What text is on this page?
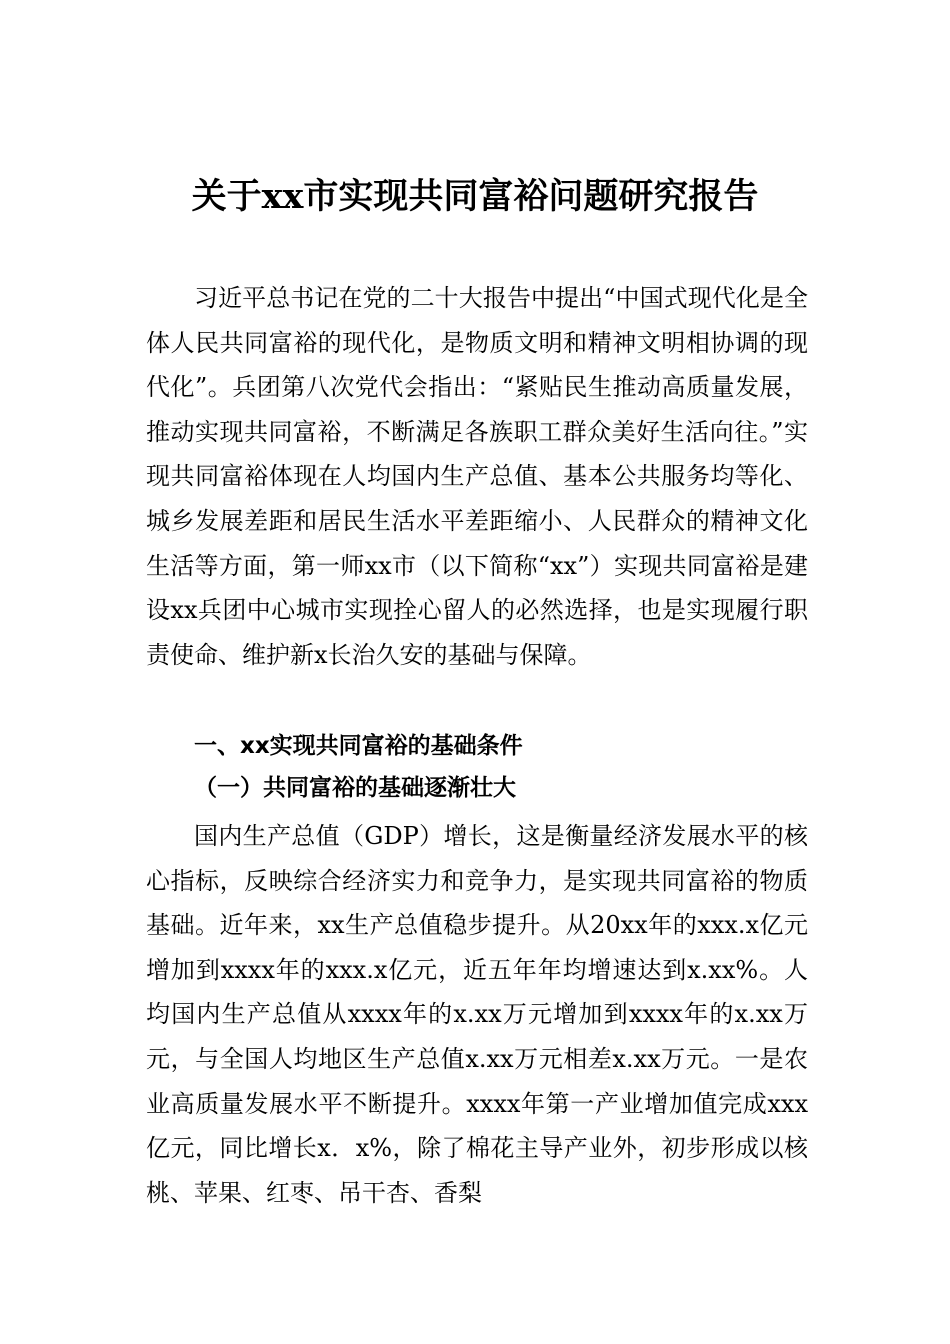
关于xx市实现共同富裕问题研究报告

习近平总书记在党的二十大报告中提出“中国式现代化是全体人民共同富裕的现代化，是物质文明和精神文明相协调的现代化”。兵团第八次党代会指出：“紧贴民生推动高质量发展，推动实现共同富裕，不断满足各族职工群众美好生活向往。”实现共同富裕体现在人均国内生产总值、基本公共服务均等化、城乡发展差距和居民生活水平差距缩小、人民群众的精神文化生活等方面，第一师xx市（以下简称“xx”）实现共同富裕是建设xx兵团中心城市实现拴心留人的必然选择，也是实现履行职责使命、维护新x长治久安的基础与保障。

一、xx实现共同富裕的基础条件
（一）共同富裕的基础逐渐壮大

国内生产总值（GDP）增长，这是衡量经济发展水平的核心指标，反映综合经济实力和竞争力，是实现共同富裕的物质基础。近年来，xx生产总值稳步提升。从20xx年的xxx.x亿元增加到xxxx年的xxx.x亿元，近五年年均增速达到x.xx%。人均国内生产总值从xxxx年的x.xx万元增加到xxxx年的x.xx万元，与全国人均地区生产总值x.xx万元相差x.xx万元。一是农业高质量发展水平不断提升。xxxx年第一产业增加值完成xxx亿元，同比增长x．x%，除了棉花主导产业外，初步形成以核桃、苹果、红枣、吊干杏、香梨
